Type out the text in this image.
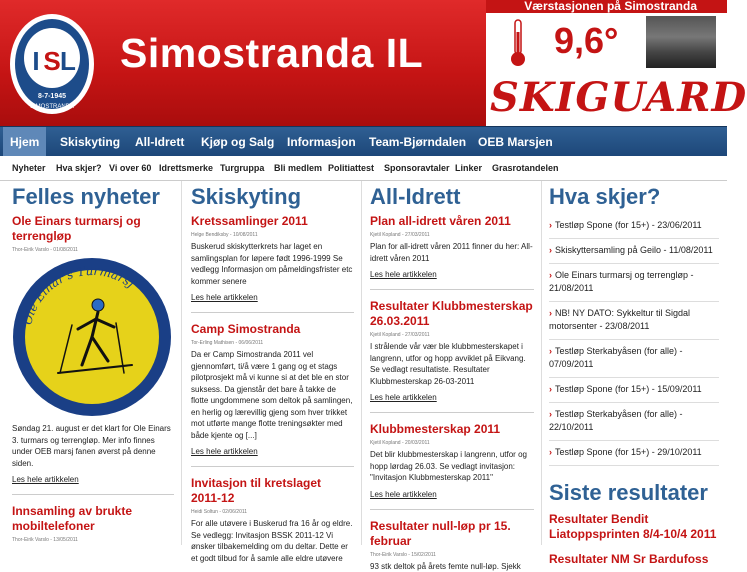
I S L
8-7-1945
SIMOSTRANDA
Simostranda IL
Værstasjonen på Simostranda
9,6°
SKIGUARD
Hjem	Skiskyting	All-Idrett	Kjøp og Salg	Informasjon	Team-Bjørndalen OEB Marsjen
Nyheter Hva skjer? Vi over 60 Idrettsmerke Turgruppa Bli medlem Politiattest Sponsoravtaler Linker Grasrotandelen
Felles nyheter
Ole Einars turmarsj og terrengløp
Thor-Eirik Varslo - 01/08/2011
Ole Einar's Turmarsj
Søndag 21. august er det klart for Ole Einars 3. turmars og terrengløp. Mer info finnes under OEB marsj fanen øverst på denne siden.
Les hele artikkelen
Innsamling av brukte mobiltelefoner
Thor-Eirik Varslo - 13/05/2011
Skiskyting
Kretssamlinger 2011
Helge Bendiksby - 10/08/2011
Buskerud skiskytterkrets har laget en samlingsplan for løpere født 1996-1999 Se vedlegg Informasjon om påmeldingsfrister etc kommer senere
Les hele artikkelen
Camp Simostranda
Tor-Erling Mathisen - 06/06/2011
Da er Camp Simostranda 2011 vel gjennomført, ti/å være 1 gang og et stags pilotprosjekt må vi kunne si at det ble en stor suksess. Da gjenstår det bare å takke de flotte ungdommene som deltok på samlingen, en herlig og lærevillig gjeng som hver trikket mot utførte mange flotte treningsøkter med både kjente og [...]
Les hele artikkelen
Invitasjon til kretslaget 2011-12
Heidi Soltun - 02/06/2011
For alle utøvere i Buskerud fra 16 år og eldre. Se vedlegg: Invitasjon BSSK 2011-12 Vi ønsker tilbakemelding om du deltar. Dette er et godt tilbud for å samle alle eldre utøvere
All-Idrett
Plan all-idrett våren 2011
Kjetil Kopland - 27/03/2011
Plan for all-idrett våren 2011 finner du her: All-idrett våren 2011
Les hele artikkelen
Resultater Klubbmesterskap 26.03.2011
Kjetil Kopland - 27/03/2011
I strålende vår vær ble klubbmesterskapet i langrenn, utfor og hopp avviklet på Eikvang. Se vedlagt resultatiste. Resultater Klubbmesterskap 26-03-2011
Les hele artikkelen
Klubbmesterskap 2011
Kjetil Kopland - 20/03/2011
Det blir klubbmesterskap i langrenn, utfor og hopp lørdag 26.03. Se vedlagt invitasjon: "Invitasjon Klubbmesterskap 2011"
Les hele artikkelen
Resultater null-løp pr 15. februar
Thor-Eirik Varslo - 15/02/2011
93 stk deltok på årets femte null-løp. Sjekk
Hva skjer?
› Testløp Spone (for 15+) - 23/06/2011
› Skiskyttersamling på Geilo - 11/08/2011
› Ole Einars turmarsj og terrengløp - 21/08/2011
› NB! NY DATO: Sykkeltur til Sigdal motorsenter - 23/08/2011
› Testløp Sterkabyåsen (for alle) - 07/09/2011
› Testløp Spone (for 15+) - 15/09/2011
› Testløp Sterkabyåsen (for alle) - 22/10/2011
› Testløp Spone (for 15+) - 29/10/2011
Siste resultater
Resultater Bendit Liatoppsprinten 8/4-10/4 2011
Resultater NM Sr Bardufoss
